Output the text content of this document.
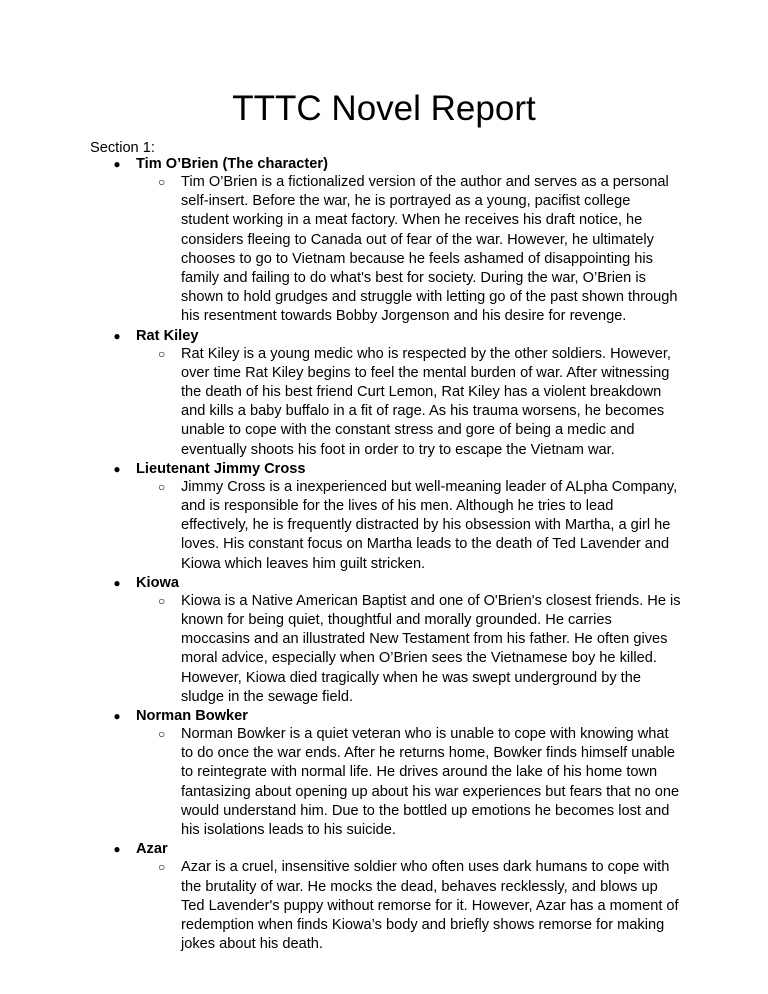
TTTC Novel Report
Section 1:
● Tim O’Brien (The character)
○ Tim O’Brien is a fictionalized version of the author and serves as a personal self-insert. Before the war, he is portrayed as a young, pacifist college student working in a meat factory. When he receives his draft notice, he considers fleeing to Canada out of fear of the war. However, he ultimately chooses to go to Vietnam because he feels ashamed of disappointing his family and failing to do what's best for society. During the war, O’Brien is shown to hold grudges and struggle with letting go of the past shown through his resentment towards Bobby Jorgenson and his desire for revenge.

● Rat Kiley
○ Rat Kiley is a young medic who is respected by the other soldiers. However, over time Rat Kiley begins to feel the mental burden of war. After witnessing the death of his best friend Curt Lemon, Rat Kiley has a violent breakdown and kills a baby buffalo in a fit of rage. As his trauma worsens, he becomes unable to cope with the constant stress and gore of being a medic and eventually shoots his foot in order to try to escape the Vietnam war.

● Lieutenant Jimmy Cross
○ Jimmy Cross is a inexperienced but well-meaning leader of ALpha Company, and is responsible for the lives of his men. Although he tries to lead effectively, he is frequently distracted by his obsession with Martha, a girl he loves. His constant focus on Martha leads to the death of Ted Lavender and Kiowa which leaves him guilt stricken.

● Kiowa
○ Kiowa is a Native American Baptist and one of O'Brien's closest friends. He is known for being quiet, thoughtful and morally grounded. He carries moccasins and an illustrated New Testament from his father. He often gives moral advice, especially when O’Brien sees the Vietnamese boy he killed. However, Kiowa died tragically when he was swept underground by the sludge in the sewage field.

● Norman Bowker
○ Norman Bowker is a quiet veteran who is unable to cope with knowing what to do once the war ends. After he returns home, Bowker finds himself unable to reintegrate with normal life. He drives around the lake of his home town fantasizing about opening up about his war experiences but fears that no one would understand him. Due to the bottled up emotions he becomes lost and his isolations leads to his suicide.

● Azar
○ Azar is a cruel, insensitive soldier who often uses dark humans to cope with the brutality of war. He mocks the dead, behaves recklessly, and blows up Ted Lavender's puppy without remorse for it. However, Azar has a moment of redemption when finds Kiowa’s body and briefly shows remorse for making jokes about his death.
